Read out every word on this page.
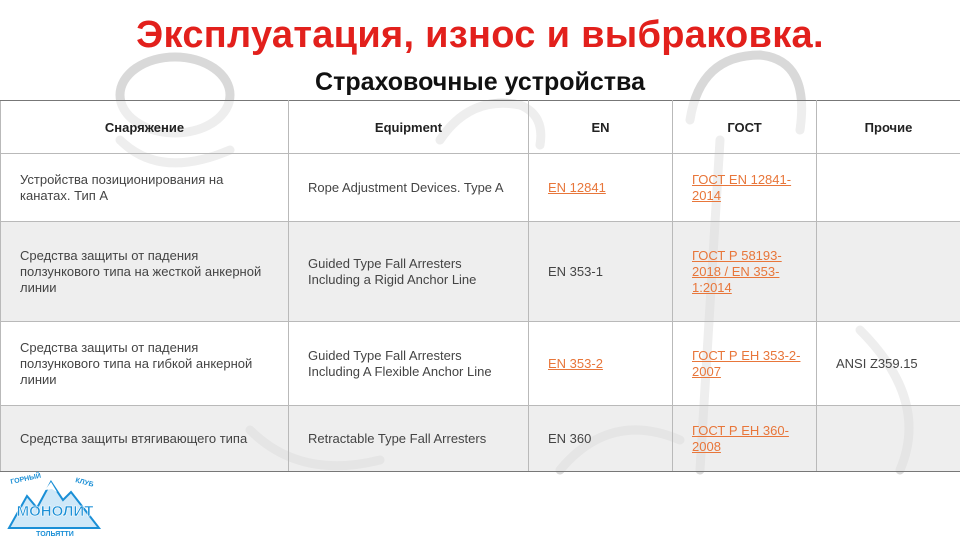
Эксплуатация, износ и выбраковка.
Страховочные устройства
Снаряжение	Equipment	EN	ГОСТ	Прочие
Устройства позиционирования на канатах. Тип А	Rope Adjustment Devices. Type A	EN 12841	ГОСТ EN 12841-2014	
Средства защиты от падения ползункового типа на жесткой анкерной линии	Guided Type Fall Arresters Including a Rigid Anchor Line	EN 353-1	ГОСТ Р 58193-2018 / EN 353-1:2014	
Средства защиты от падения ползункового типа на гибкой анкерной линии	Guided Type Fall Arresters Including A Flexible Anchor Line	EN 353-2	ГОСТ Р ЕН 353-2-2007	ANSI Z359.15
Средства защиты втягивающего типа	Retractable Type Fall Arresters	EN 360	ГОСТ Р ЕН 360-2008	
ГОРНЫЙ	КЛУБ
МОНОЛИТ
ТОЛЬЯТТИ
